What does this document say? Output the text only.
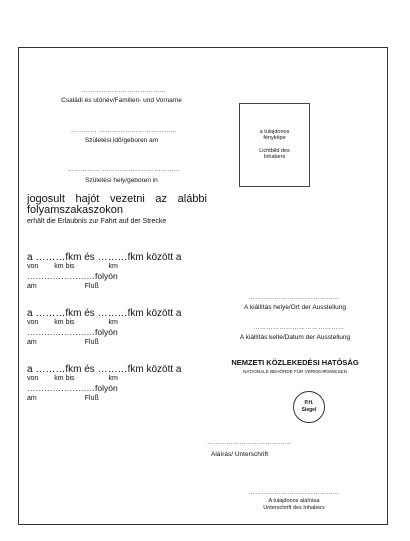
…………………………………
Családi és utónév/Familien- und Vorname
………… ………………………………
Születési idő/geboren am
…………… ………………………………
Születési hely/geboren in
a tulajdonos
fényképe
Lichtbild des
Inhabers
jogosult hajót vezetni az alábbi folyamszakaszokon
erhält die Erlaubnis zur Fahrt auf der Strecke
a ………fkm és ………fkm között a
von km bis	km
……………………folyón
am	Fluß
a ………fkm és ………fkm között a
von km bis	km
……………………folyón
am	Fluß
a ………fkm és ………fkm között a
von km bis	km
……………………folyón
am	Fluß
……………………………………
A kiállítás helye/Ort der Ausstellung
……………………………………
A kiállítás kelte/Datum der Ausstellung
NEMZETI KÖZLEKEDÉSI HATÓSÁG
NATIONALE BEHÖRDE FÜR VERKEHRSWESEN
P.H.
Siegel
…………………………………
Aláírás/ Unterschrift
……………………………………
A tulajdonos aláírása
Unterschrift des Inhabers
